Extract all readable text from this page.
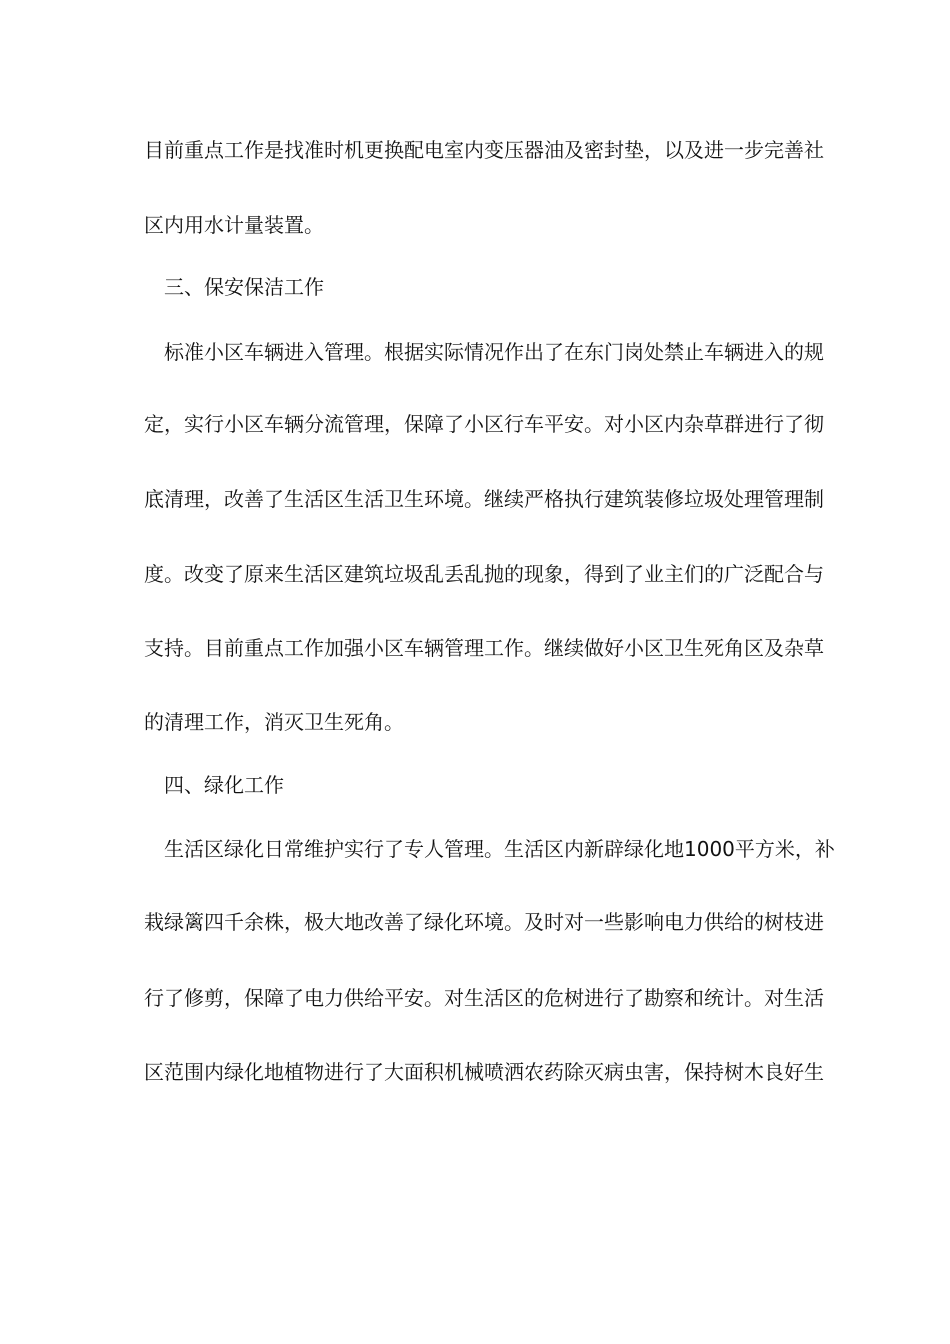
目前重点工作是找准时机更换配电室内变压器油及密封垫，以及进一步完善社
区内用水计量装置。
三、保安保洁工作
标准小区车辆进入管理。根据实际情况作出了在东门岗处禁止车辆进入的规
定，实行小区车辆分流管理，保障了小区行车平安。对小区内杂草群进行了彻
底清理，改善了生活区生活卫生环境。继续严格执行建筑装修垃圾处理管理制
度。改变了原来生活区建筑垃圾乱丢乱抛的现象，得到了业主们的广泛配合与
支持。目前重点工作加强小区车辆管理工作。继续做好小区卫生死角区及杂草
的清理工作，消灭卫生死角。
四、绿化工作
生活区绿化日常维护实行了专人管理。生活区内新辟绿化地1000平方米，补
栽绿篱四千余株，极大地改善了绿化环境。及时对一些影响电力供给的树枝进
行了修剪，保障了电力供给平安。对生活区的危树进行了勘察和统计。对生活
区范围内绿化地植物进行了大面积机械喷洒农药除灭病虫害，保持树木良好生
